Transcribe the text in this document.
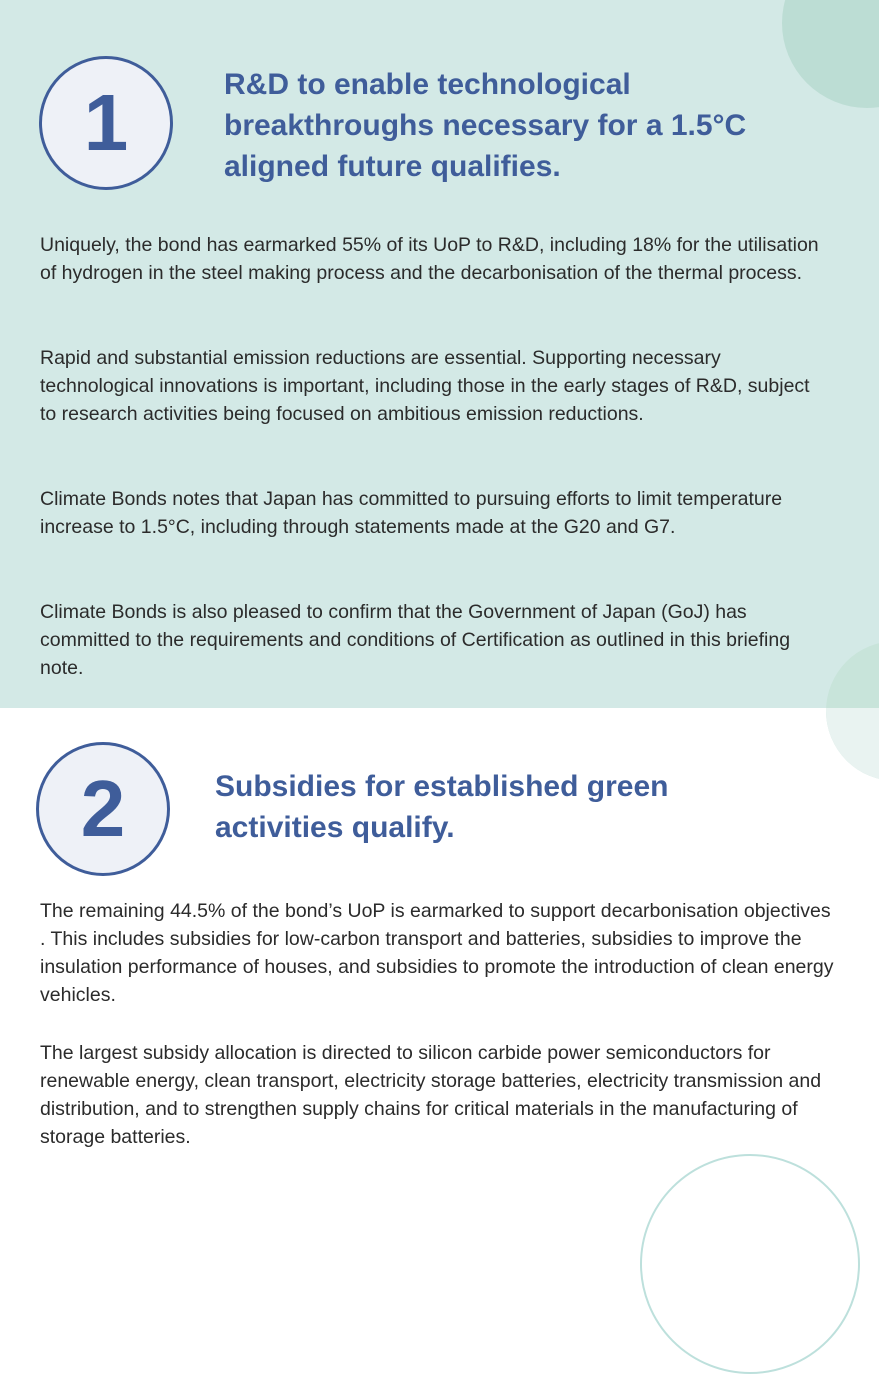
1	R&D to enable technological breakthroughs necessary for a 1.5°C aligned future qualifies.

Uniquely, the bond has earmarked 55% of its UoP to R&D, including 18% for the utilisation of hydrogen in the steel making process and the decarbonisation of the thermal process.

Rapid and substantial emission reductions are essential. Supporting necessary technological innovations is important, including those in the early stages of R&D, subject to research activities being focused on ambitious emission reductions.

Climate Bonds notes that Japan has committed to pursuing efforts to limit temperature increase to 1.5°C, including through statements made at the G20 and G7.

Climate Bonds is also pleased to confirm that the Government of Japan (GoJ) has committed to the requirements and conditions of Certification as outlined in this briefing note.

2	Subsidies for established green activities qualify.

The remaining 44.5% of the bond’s UoP is earmarked to support decarbonisation objectives . This includes subsidies for low-carbon transport and batteries, subsidies to improve the insulation performance of houses, and subsidies to promote the introduction of clean energy vehicles.

The largest subsidy allocation is directed to silicon carbide power semiconductors for renewable energy, clean transport, electricity storage batteries, electricity transmission and distribution, and to strengthen supply chains for critical materials in the manufacturing of storage batteries.
